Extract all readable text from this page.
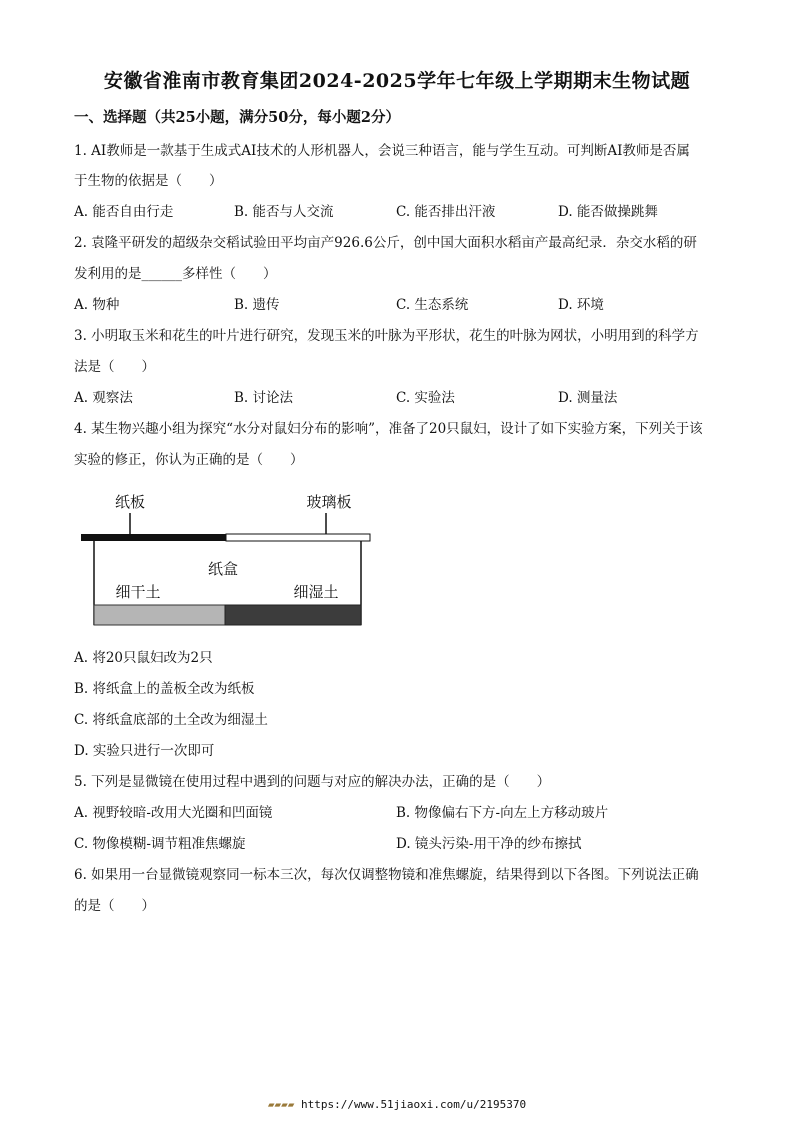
安徽省淮南市教育集团2024-2025学年七年级上学期期末生物试题
一、选择题（共25小题，满分50分，每小题2分）
1. AI教师是一款基于生成式AI技术的人形机器人，会说三种语言，能与学生互动。可判断AI教师是否属
于生物的依据是（　　）
A. 能否自由行走	B. 能否与人交流	C. 能否排出汗液	D. 能否做操跳舞
2. 袁隆平研发的超级杂交稻试验田平均亩产926.6公斤，创中国大面积水稻亩产最高纪录．杂交水稻的研
发利用的是______多样性（　　）
A. 物种	B. 遗传	C. 生态系统	D. 环境
3. 小明取玉米和花生的叶片进行研究，发现玉米的叶脉为平形状，花生的叶脉为网状，小明用到的科学方
法是（　　）
A. 观察法	B. 讨论法	C. 实验法	D. 测量法
4. 某生物兴趣小组为探究“水分对鼠妇分布的影响”，准备了20只鼠妇，设计了如下实验方案，下列关于该
实验的修正，你认为正确的是（　　）
纸板	玻璃板
纸盒
细干土	细湿土
A. 将20只鼠妇改为2只
B. 将纸盒上的盖板全改为纸板
C. 将纸盒底部的土全改为细湿土
D. 实验只进行一次即可
5. 下列是显微镜在使用过程中遇到的问题与对应的解决办法，正确的是（　　）
A. 视野较暗-改用大光圈和凹面镜	B. 物像偏右下方-向左上方移动玻片
C. 物像模糊-调节粗准焦螺旋	D. 镜头污染-用干净的纱布擦拭
6. 如果用一台显微镜观察同一标本三次，每次仅调整物镜和准焦螺旋，结果得到以下各图。下列说法正确
的是（　　）
▰▰▰▰ https://www.51jiaoxi.com/u/2195370
